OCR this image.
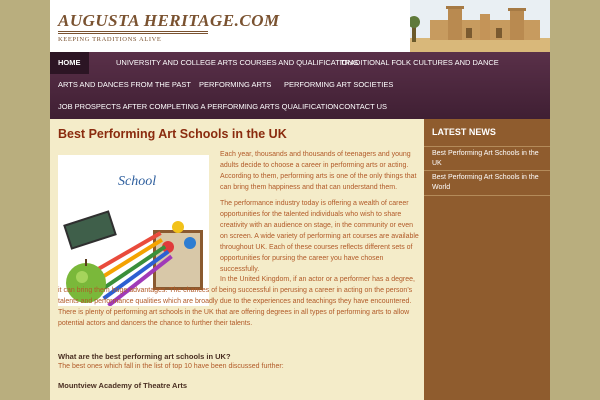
AUGUSTA HERITAGE.COM
KEEPING TRADITIONS ALIVE
HOME	UNIVERSITY AND COLLEGE ARTS COURSES AND QUALIFICATIONS
TRADITIONAL FOLK CULTURES AND DANCE
ARTS AND DANCES FROM THE PAST	PERFORMING ARTS	PERFORMING ART SOCIETIES
JOB PROSPECTS AFTER COMPLETING A PERFORMING ARTS QUALIFICATION CONTACT US
Best Performing Art Schools in the UK
School
Each year, thousands and thousands of teenagers and young adults decide to choose a career in performing arts or acting. According to them, performing arts is one of the only things that can bring them happiness and that can understand them.
The performance industry today is offering a wealth of career opportunities for the talented individuals who wish to share creativity with an audience on stage, in the community or even on screen. A wide variety of performing art courses are available throughout UK. Each of these courses reflects different sets of opportunities for pursing the career you have chosen successfully.
In the United Kingdom, if an actor or a performer has a degree, it can bring them huge advantages. The chances of being successful in perusing a career in acting on the person's talents and performance qualities which are broadly due to the experiences and teachings they have encountered. There is plenty of performing art schools in the UK that are offering degrees in all types of performing arts to allow potential actors and dancers the chance to further their talents.
What are the best performing art schools in UK?
The best ones which fall in the list of top 10 have been discussed further:
Mountview Academy of Theatre Arts
LATEST NEWS
Best Performing Art Schools in the UK
Best Performing Art Schools in the World
